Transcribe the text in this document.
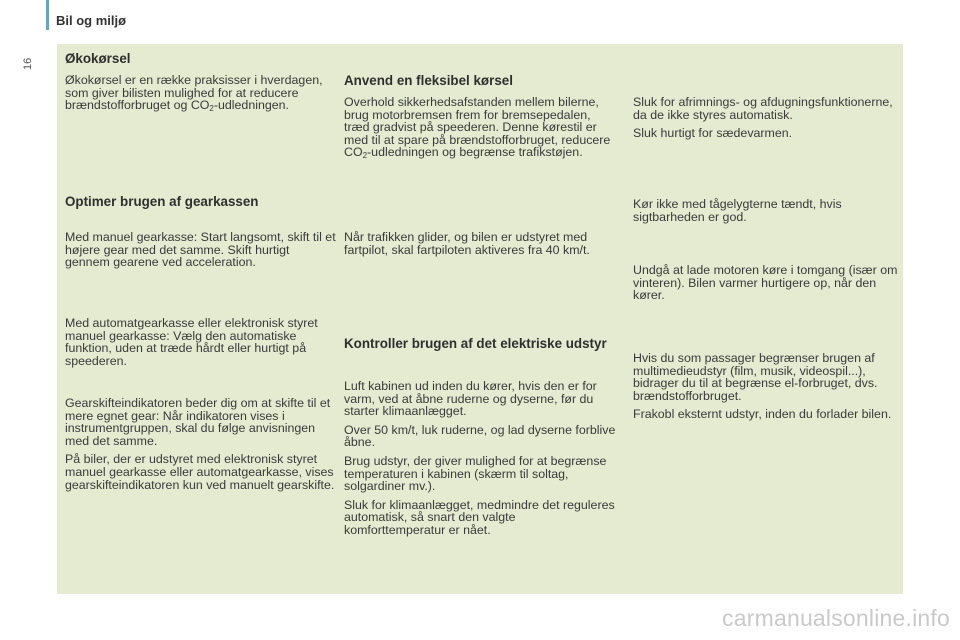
Bil og miljø
16 Økokørsel

Økokørsel er en række praksisser i hverdagen, som giver bilisten mulighed for at reducere brændstofforbruget og $CO_2$-udledningen.

Optimer brugen af gearkassen

Med manuel gearkasse: Start langsomt, skift til et højere gear med det samme. Skift hurtigt gennem gearene ved acceleration.

Med automatgearkasse eller elektronisk styret manuel gearkasse: Vælg den automatiske funktion, uden at træde hårdt eller hurtigt på speederen.

Gearskifteindikatoren beder dig om at skifte til et mere egnet gear: Når indikatoren vises i instrumentgruppen, skal du følge anvisningen med det samme.

På biler, der er udstyret med elektronisk styret manuel gearkasse eller automatgearkasse, vises gearskifteindikatoren kun ved manuelt gearskifte.

Anvend en fleksibel kørsel

Overhold sikkerhedsafstanden mellem bilerne, brug motorbremsen frem for bremsepedalen, træd gradvist på speederen. Denne kørestil er med til at spare på brændstofforbruget, reducere $CO_2$-udledningen og begrænse trafikstøjen.

Når trafikken glider, og bilen er udstyret med fartpilot, skal fartpiloten aktiveres fra 40 km/t.

Kontroller brugen af det elektriske udstyr

Luft kabinen ud inden du kører, hvis den er for varm, ved at åbne ruderne og dyserne, før du starter klimaanlægget.

Over 50 km/t, luk ruderne, og lad dyserne forblive åbne.

Brug udstyr, der giver mulighed for at begrænse temperaturen i kabinen (skærm til soltag, solgardiner mv.).

Sluk for klimaanlægget, medmindre det reguleres automatisk, så snart den valgte komforttemperatur er nået.

Sluk for afrimnings- og afdugningsfunktionerne, da de ikke styres automatisk.

Sluk hurtigt for sædevarmen.

Kør ikke med tågelygterne tændt, hvis sigtbarheden er god.

Undgå at lade motoren køre i tomgang (især om vinteren). Bilen varmer hurtigere op, når den kører.

Hvis du som passager begrænser brugen af multimedieudstyr (film, musik, videospil...), bidrager du til at begrænse el-forbruget, dvs. brændstofforbruget.

Frakobl eksternt udstyr, inden du forlader bilen.

carmanualsonline.info
